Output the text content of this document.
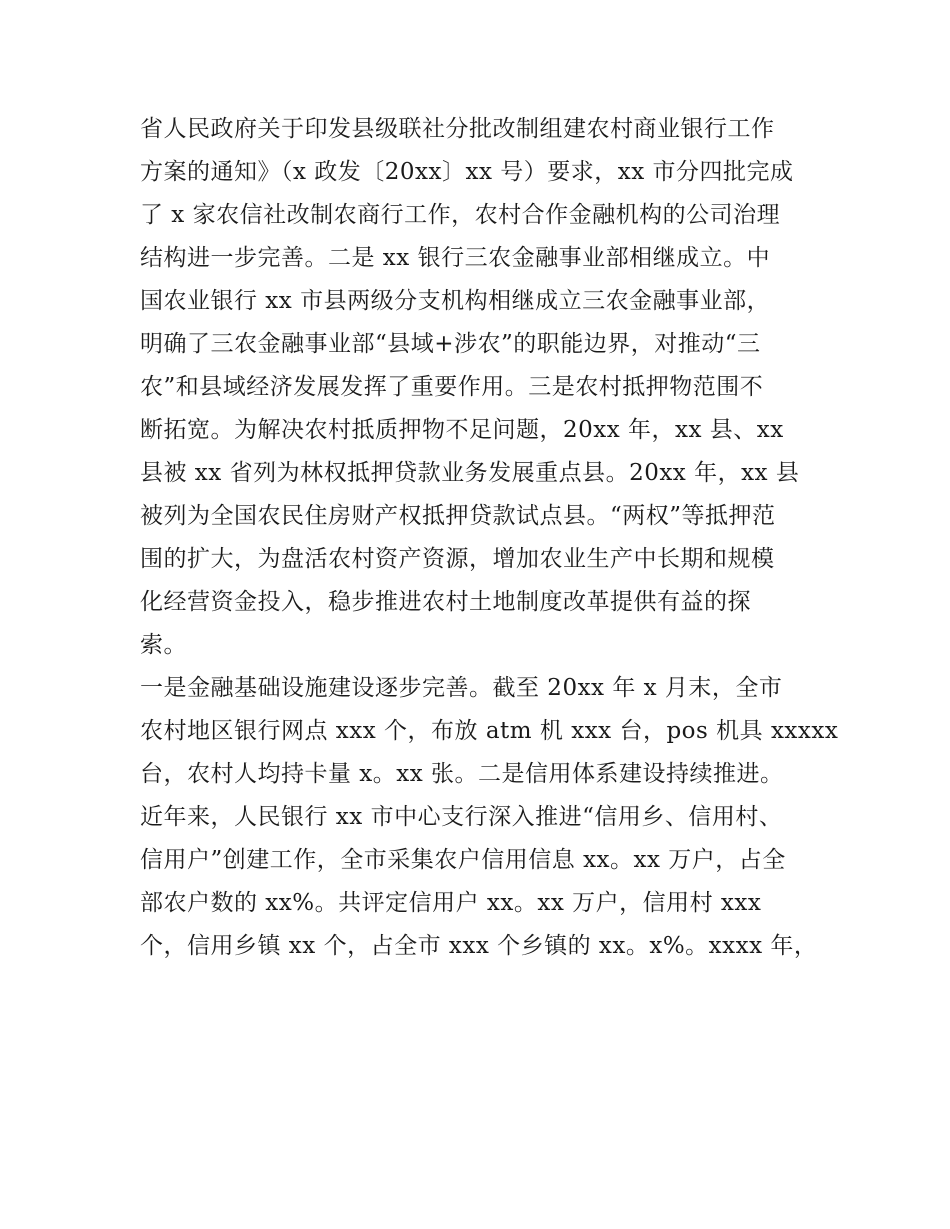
省人民政府关于印发县级联社分批改制组建农村商业银行工作
方案的通知》（x 政发〔20xx〕xx 号）要求，xx 市分四批完成
了 x 家农信社改制农商行工作，农村合作金融机构的公司治理
结构进一步完善。二是 xx 银行三农金融事业部相继成立。中
国农业银行 xx 市县两级分支机构相继成立三农金融事业部，
明确了三农金融事业部“县域+涉农”的职能边界，对推动“三
农”和县域经济发展发挥了重要作用。三是农村抵押物范围不
断拓宽。为解决农村抵质押物不足问题，20xx 年，xx 县、xx
县被 xx 省列为林权抵押贷款业务发展重点县。20xx 年，xx 县
被列为全国农民住房财产权抵押贷款试点县。“两权”等抵押范
围的扩大，为盘活农村资产资源，增加农业生产中长期和规模
化经营资金投入，稳步推进农村土地制度改革提供有益的探
索。
一是金融基础设施建设逐步完善。截至 20xx 年 x 月末，全市
农村地区银行网点 xxx 个，布放 atm 机 xxx 台，pos 机具 xxxxx
台，农村人均持卡量 x。xx 张。二是信用体系建设持续推进。
近年来，人民银行 xx 市中心支行深入推进“信用乡、信用村、
信用户”创建工作，全市采集农户信用信息 xx。xx 万户，占全
部农户数的 xx%。共评定信用户 xx。xx 万户，信用村 xxx
个，信用乡镇 xx 个，占全市 xxx 个乡镇的 xx。x%。xxxx 年，
